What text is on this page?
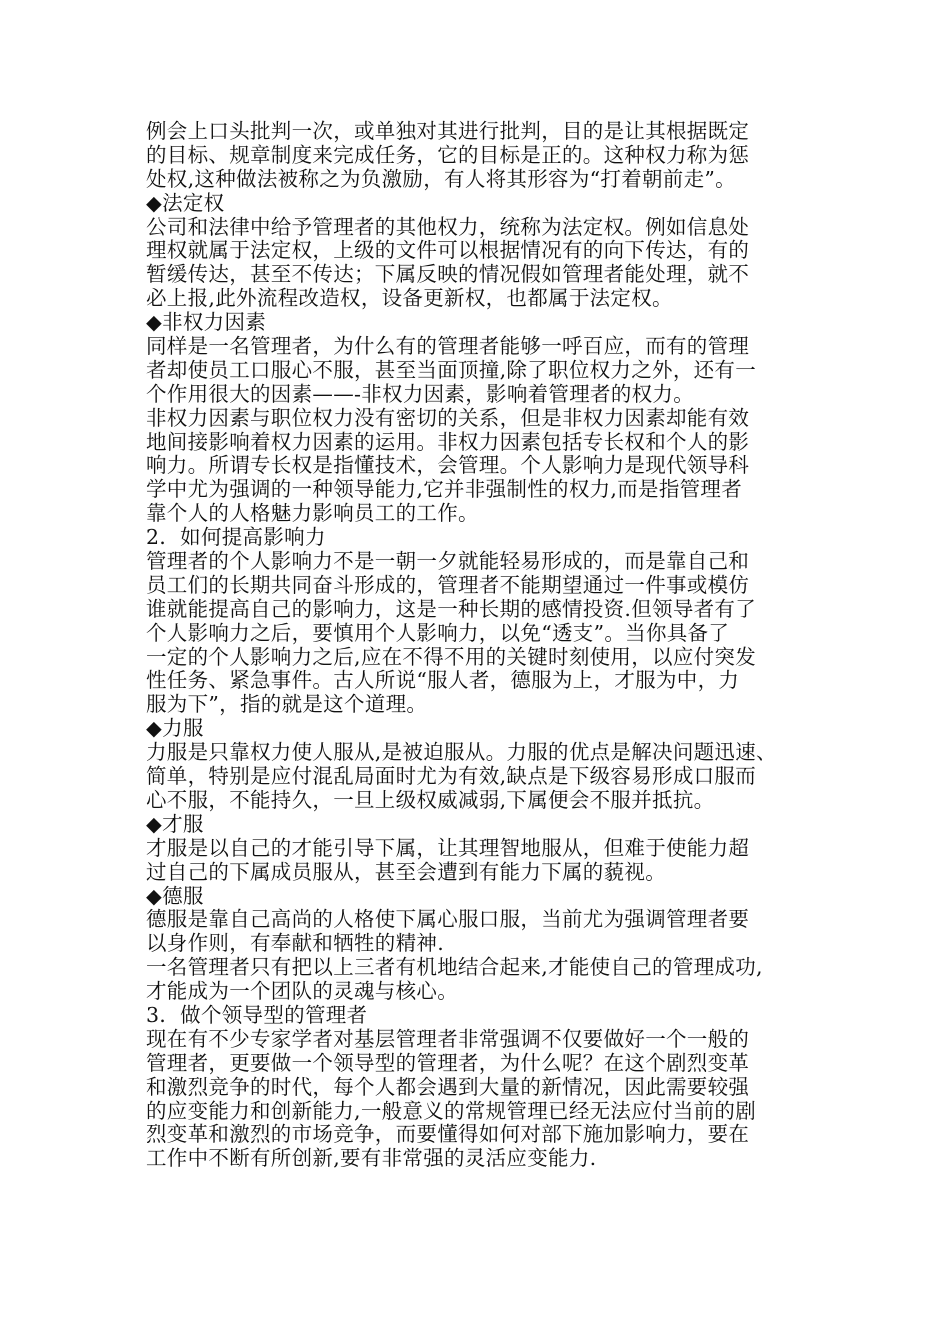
例会上口头批判一次，或单独对其进行批判，目的是让其根据既定
的目标、规章制度来完成任务，它的目标是正的。这种权力称为惩
处权,这种做法被称之为负激励，有人将其形容为“打着朝前走”。
◆法定权
公司和法律中给予管理者的其他权力，统称为法定权。例如信息处
理权就属于法定权，上级的文件可以根据情况有的向下传达，有的
暂缓传达，甚至不传达；下属反映的情况假如管理者能处理，就不
必上报,此外流程改造权，设备更新权，也都属于法定权。
◆非权力因素
同样是一名管理者，为什么有的管理者能够一呼百应，而有的管理
者却使员工口服心不服，甚至当面顶撞,除了职位权力之外，还有一
个作用很大的因素——-非权力因素，影响着管理者的权力。
非权力因素与职位权力没有密切的关系，但是非权力因素却能有效
地间接影响着权力因素的运用。非权力因素包括专长权和个人的影
响力。所谓专长权是指懂技术，会管理。个人影响力是现代领导科
学中尤为强调的一种领导能力,它并非强制性的权力,而是指管理者
靠个人的人格魅力影响员工的工作。
2．如何提高影响力
管理者的个人影响力不是一朝一夕就能轻易形成的，而是靠自己和
员工们的长期共同奋斗形成的，管理者不能期望通过一件事或模仿
谁就能提高自己的影响力，这是一种长期的感情投资.但领导者有了
个人影响力之后，要慎用个人影响力，以免“透支”。当你具备了
一定的个人影响力之后,应在不得不用的关键时刻使用，以应付突发
性任务、紧急事件。古人所说“服人者，德服为上，才服为中，力
服为下”，指的就是这个道理。
◆力服
力服是只靠权力使人服从,是被迫服从。力服的优点是解决问题迅速、
简单，特别是应付混乱局面时尤为有效,缺点是下级容易形成口服而
心不服，不能持久，一旦上级权威减弱,下属便会不服并抵抗。
◆才服
才服是以自己的才能引导下属，让其理智地服从，但难于使能力超
过自己的下属成员服从，甚至会遭到有能力下属的藐视。
◆德服
德服是靠自己高尚的人格使下属心服口服，当前尤为强调管理者要
以身作则，有奉献和牺牲的精神.
一名管理者只有把以上三者有机地结合起来,才能使自己的管理成功,
才能成为一个团队的灵魂与核心。
3．做个领导型的管理者
现在有不少专家学者对基层管理者非常强调不仅要做好一个一般的
管理者，更要做一个领导型的管理者，为什么呢？在这个剧烈变革
和激烈竞争的时代，每个人都会遇到大量的新情况，因此需要较强
的应变能力和创新能力,一般意义的常规管理已经无法应付当前的剧
烈变革和激烈的市场竞争，而要懂得如何对部下施加影响力，要在
工作中不断有所创新,要有非常强的灵活应变能力.
